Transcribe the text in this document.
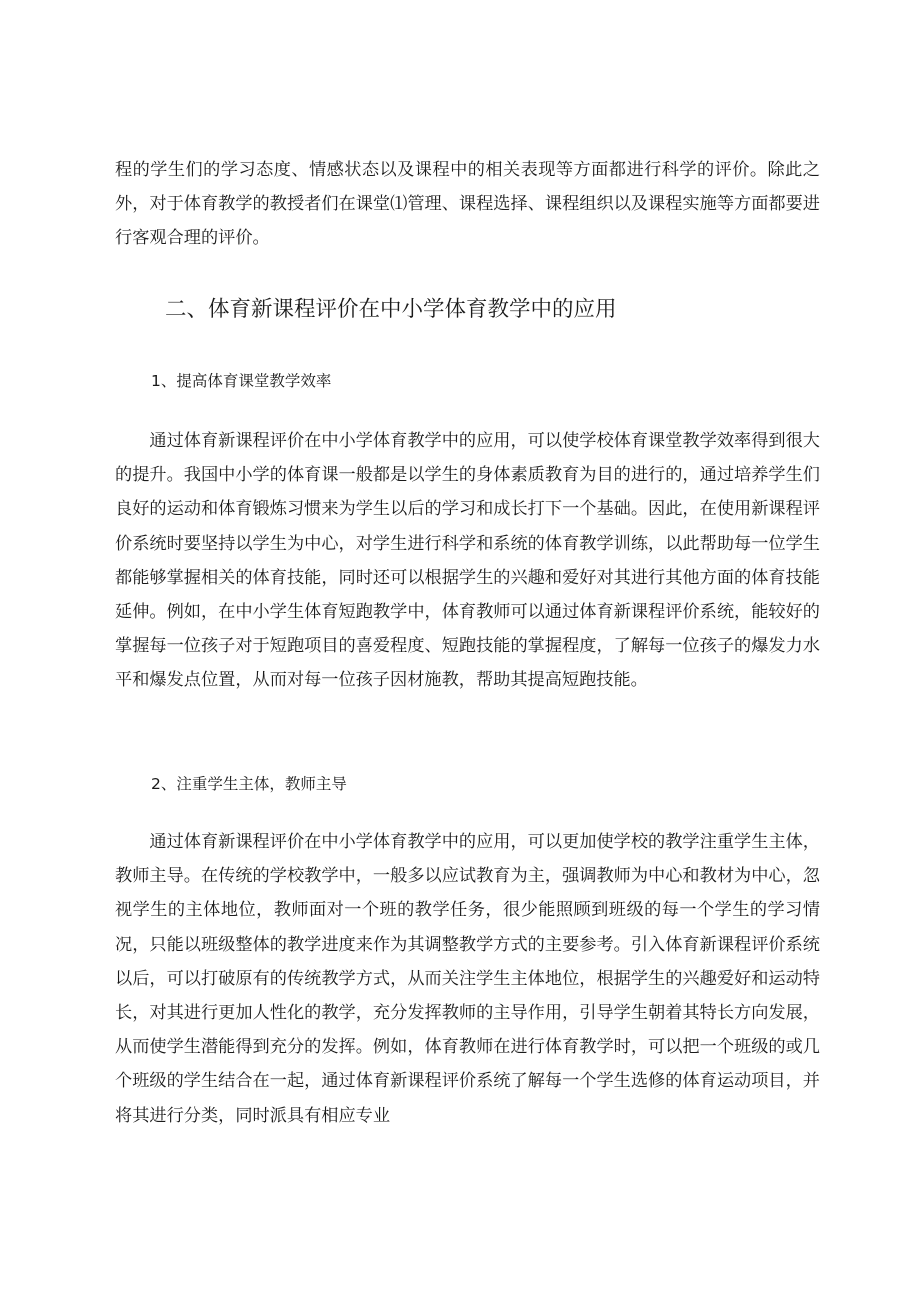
程的学生们的学习态度、情感状态以及课程中的相关表现等方面都进行科学的评价。除此之外，对于体育教学的教授者们在课堂⑴管理、课程选择、课程组织以及课程实施等方面都要进行客观合理的评价。

二、体育新课程评价在中小学体育教学中的应用
1、提高体育课堂教学效率

通过体育新课程评价在中小学体育教学中的应用，可以使学校体育课堂教学效率得到很大的提升。我国中小学的体育课一般都是以学生的身体素质教育为目的进行的，通过培养学生们良好的运动和体育锻炼习惯来为学生以后的学习和成长打下一个基础。因此，在使用新课程评价系统时要坚持以学生为中心，对学生进行科学和系统的体育教学训练，以此帮助每一位学生都能够掌握相关的体育技能，同时还可以根据学生的兴趣和爱好对其进行其他方面的体育技能延伸。例如，在中小学生体育短跑教学中，体育教师可以通过体育新课程评价系统，能较好的掌握每一位孩子对于短跑项目的喜爱程度、短跑技能的掌握程度，了解每一位孩子的爆发力水平和爆发点位置，从而对每一位孩子因材施教，帮助其提高短跑技能。

2、注重学生主体，教师主导

通过体育新课程评价在中小学体育教学中的应用，可以更加使学校的教学注重学生主体，教师主导。在传统的学校教学中，一般多以应试教育为主，强调教师为中心和教材为中心，忽视学生的主体地位，教师面对一个班的教学任务，很少能照顾到班级的每一个学生的学习情况，只能以班级整体的教学进度来作为其调整教学方式的主要参考。引入体育新课程评价系统以后，可以打破原有的传统教学方式，从而关注学生主体地位，根据学生的兴趣爱好和运动特长，对其进行更加人性化的教学，充分发挥教师的主导作用，引导学生朝着其特长方向发展，从而使学生潜能得到充分的发挥。例如，体育教师在进行体育教学时，可以把一个班级的或几个班级的学生结合在一起，通过体育新课程评价系统了解每一个学生选修的体育运动项目，并将其进行分类，同时派具有相应专业
